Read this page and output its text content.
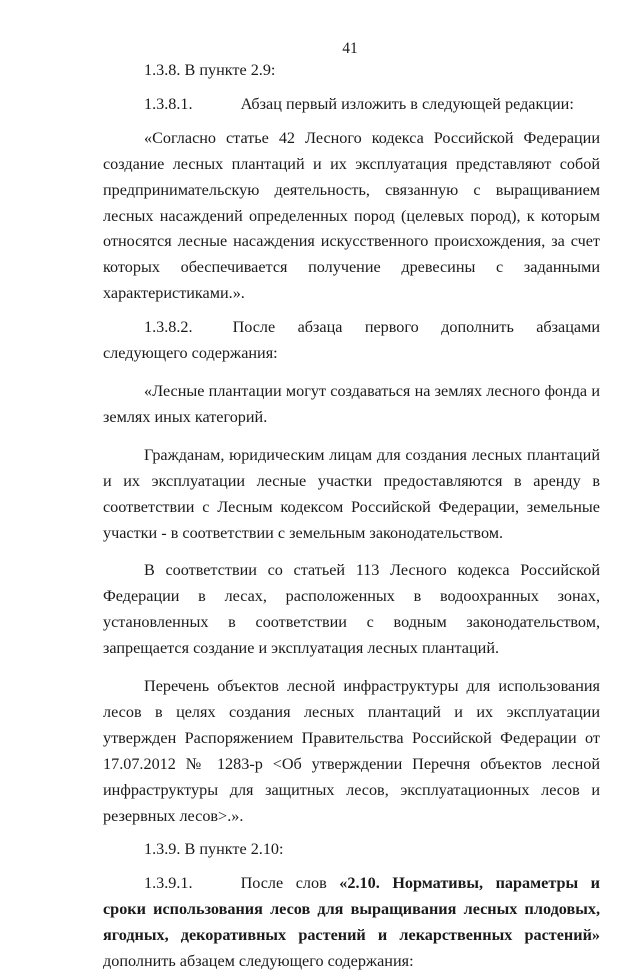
41

1.3.8. В пункте 2.9:

1.3.8.1.	Абзац первый изложить в следующей редакции:

«Согласно статье 42 Лесного кодекса Российской Федерации создание лесных плантаций и их эксплуатация представляют собой предпринимательскую деятельность, связанную с выращиванием лесных насаждений определенных пород (целевых пород), к которым относятся лесные насаждения искусственного происхождения, за счет которых обеспечивается получение древесины с заданными характеристиками.».

1.3.8.2. После абзаца первого дополнить абзацами следующего содержания:

«Лесные плантации могут создаваться на землях лесного фонда и землях иных категорий.

Гражданам, юридическим лицам для создания лесных плантаций и их эксплуатации лесные участки предоставляются в аренду в соответствии с Лесным кодексом Российской Федерации, земельные участки - в соответствии с земельным законодательством.

В соответствии со статьей 113 Лесного кодекса Российской Федерации в лесах, расположенных в водоохранных зонах, установленных в соответствии с водным законодательством, запрещается создание и эксплуатация лесных плантаций.

Перечень объектов лесной инфраструктуры для использования лесов в целях создания лесных плантаций и их эксплуатации утвержден Распоряжением Правительства Российской Федерации от 17.07.2012 № 1283-р <Об утверждении Перечня объектов лесной инфраструктуры для защитных лесов, эксплуатационных лесов и резервных лесов>.».

1.3.9. В пункте 2.10:

1.3.9.1.	После слов «2.10. Нормативы, параметры и сроки использования лесов для выращивания лесных плодовых, ягодных, декоративных растений и лекарственных растений» дополнить абзацем следующего содержания:
